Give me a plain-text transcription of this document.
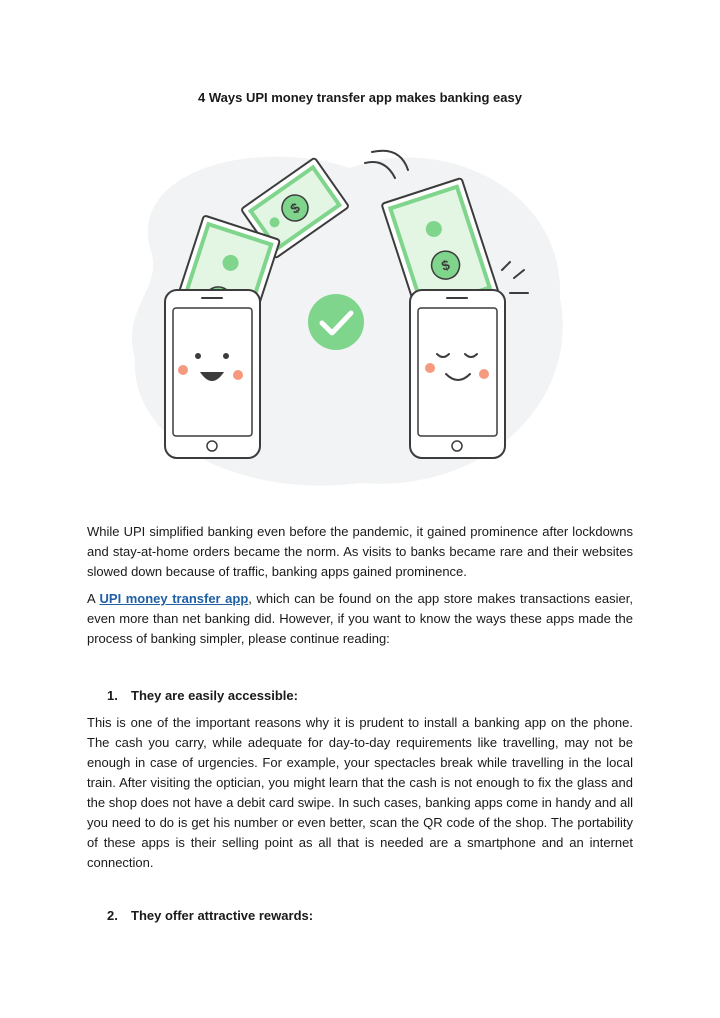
4 Ways UPI money transfer app makes banking easy
$
$

While UPI simplified banking even before the pandemic, it gained prominence after lockdowns and stay-at-home orders became the norm. As visits to banks became rare and their websites slowed down because of traffic, banking apps gained prominence.

A UPI money transfer app, which can be found on the app store makes transactions easier, even more than net banking did. However, if you want to know the ways these apps made the process of banking simpler, please continue reading:

1. They are easily accessible:

This is one of the important reasons why it is prudent to install a banking app on the phone. The cash you carry, while adequate for day-to-day requirements like travelling, may not be enough in case of urgencies. For example, your spectacles break while travelling in the local train. After visiting the optician, you might learn that the cash is not enough to fix the glass and the shop does not have a debit card swipe. In such cases, banking apps come in handy and all you need to do is get his number or even better, scan the QR code of the shop. The portability of these apps is their selling point as all that is needed are a smartphone and an internet connection.

2. They offer attractive rewards:
